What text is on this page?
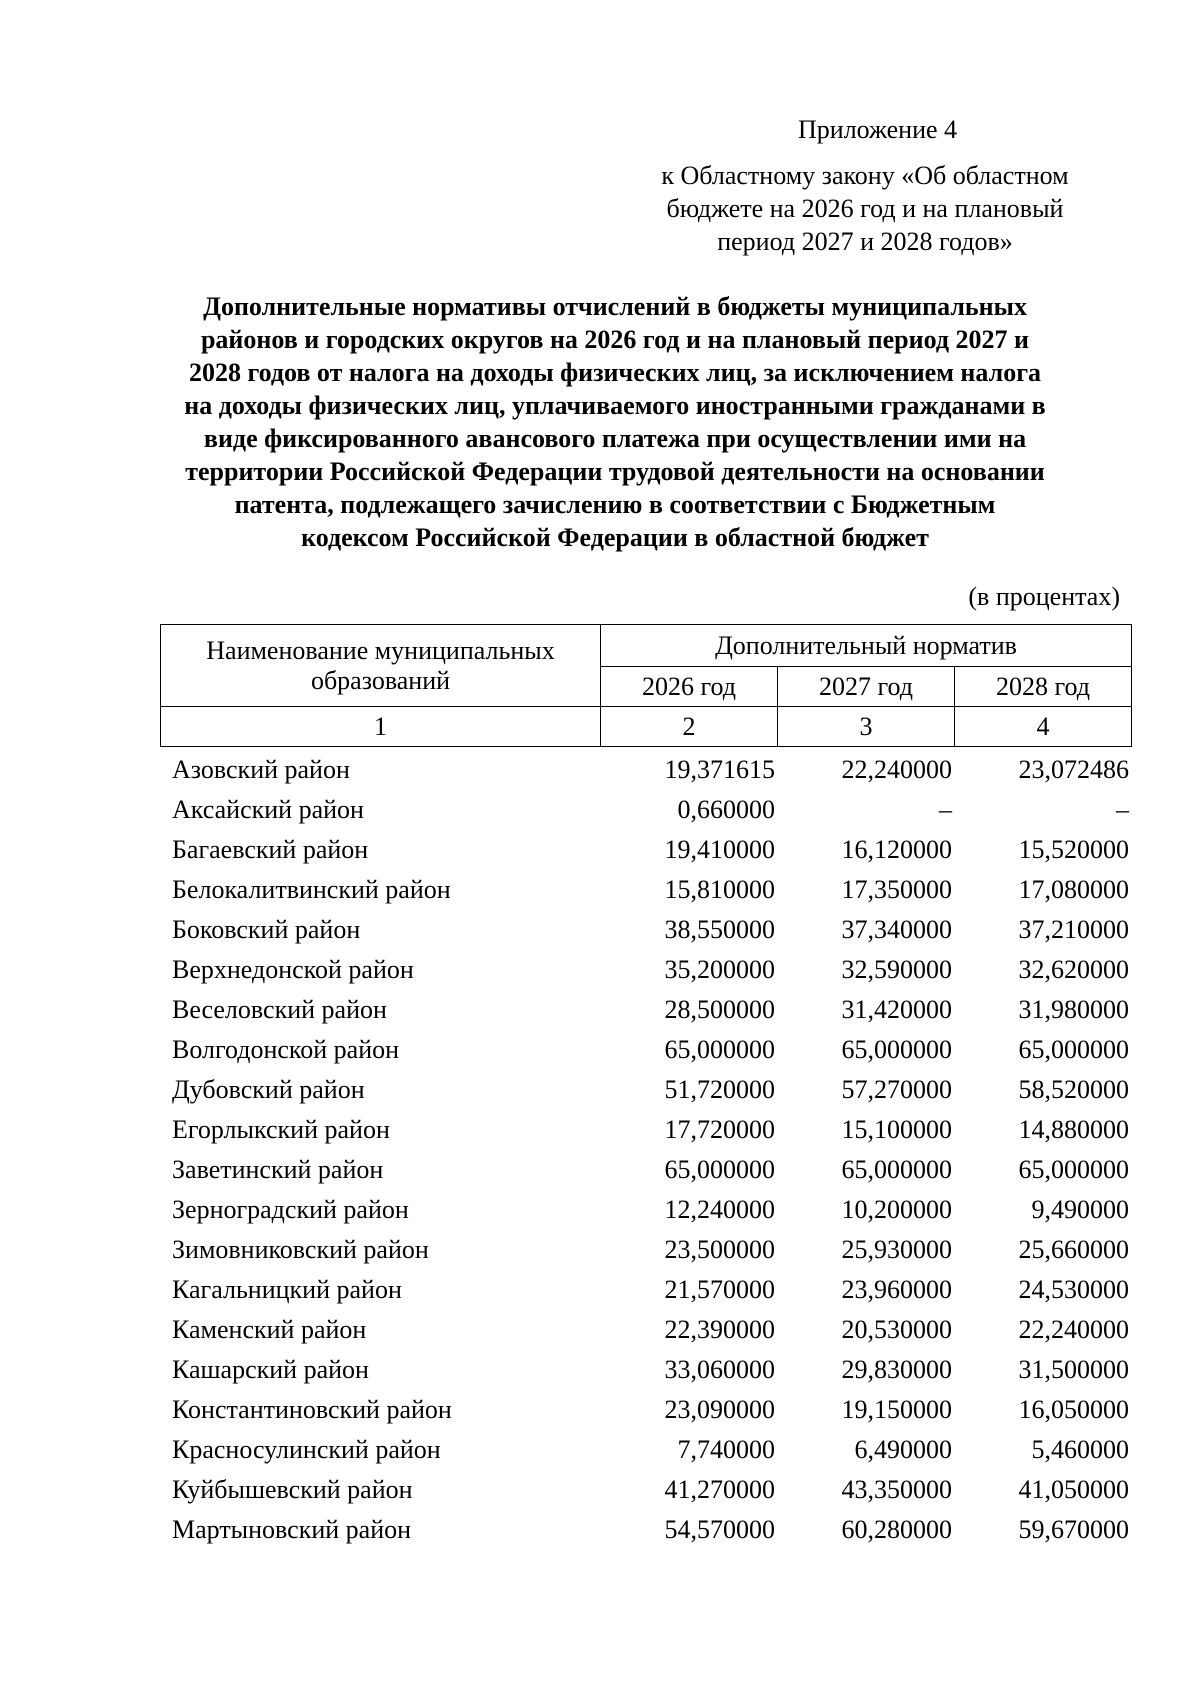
Приложение 4
к Областному закону «Об областном
бюджете на 2026 год и на плановый
период 2027 и 2028 годов»
Дополнительные нормативы отчислений в бюджеты муниципальных
районов и городских округов на 2026 год и на плановый период 2027 и
2028 годов от налога на доходы физических лиц, за исключением налога
на доходы физических лиц, уплачиваемого иностранными гражданами в
виде фиксированного авансового платежа при осуществлении ими на
территории Российской Федерации трудовой деятельности на основании
патента, подлежащего зачислению в соответствии с Бюджетным
кодексом Российской Федерации в областной бюджет
(в процентах)
Наименование муниципальных образований	Дополнительный норматив		
	2026 год	2027 год	2028 год
1	2	3	4
Азовский район	19,371615	22,240000	23,072486
Аксайский район	0,660000	–	–
Багаевский район	19,410000	16,120000	15,520000
Белокалитвинский район	15,810000	17,350000	17,080000
Боковский район	38,550000	37,340000	37,210000
Верхнедонской район	35,200000	32,590000	32,620000
Веселовский район	28,500000	31,420000	31,980000
Волгодонской район	65,000000	65,000000	65,000000
Дубовский район	51,720000	57,270000	58,520000
Егорлыкский район	17,720000	15,100000	14,880000
Заветинский район	65,000000	65,000000	65,000000
Зерноградский район	12,240000	10,200000	9,490000
Зимовниковский район	23,500000	25,930000	25,660000
Кагальницкий район	21,570000	23,960000	24,530000
Каменский район	22,390000	20,530000	22,240000
Кашарский район	33,060000	29,830000	31,500000
Константиновский район	23,090000	19,150000	16,050000
Красносулинский район	7,740000	6,490000	5,460000
Куйбышевский район	41,270000	43,350000	41,050000
Мартыновский район	54,570000	60,280000	59,670000
